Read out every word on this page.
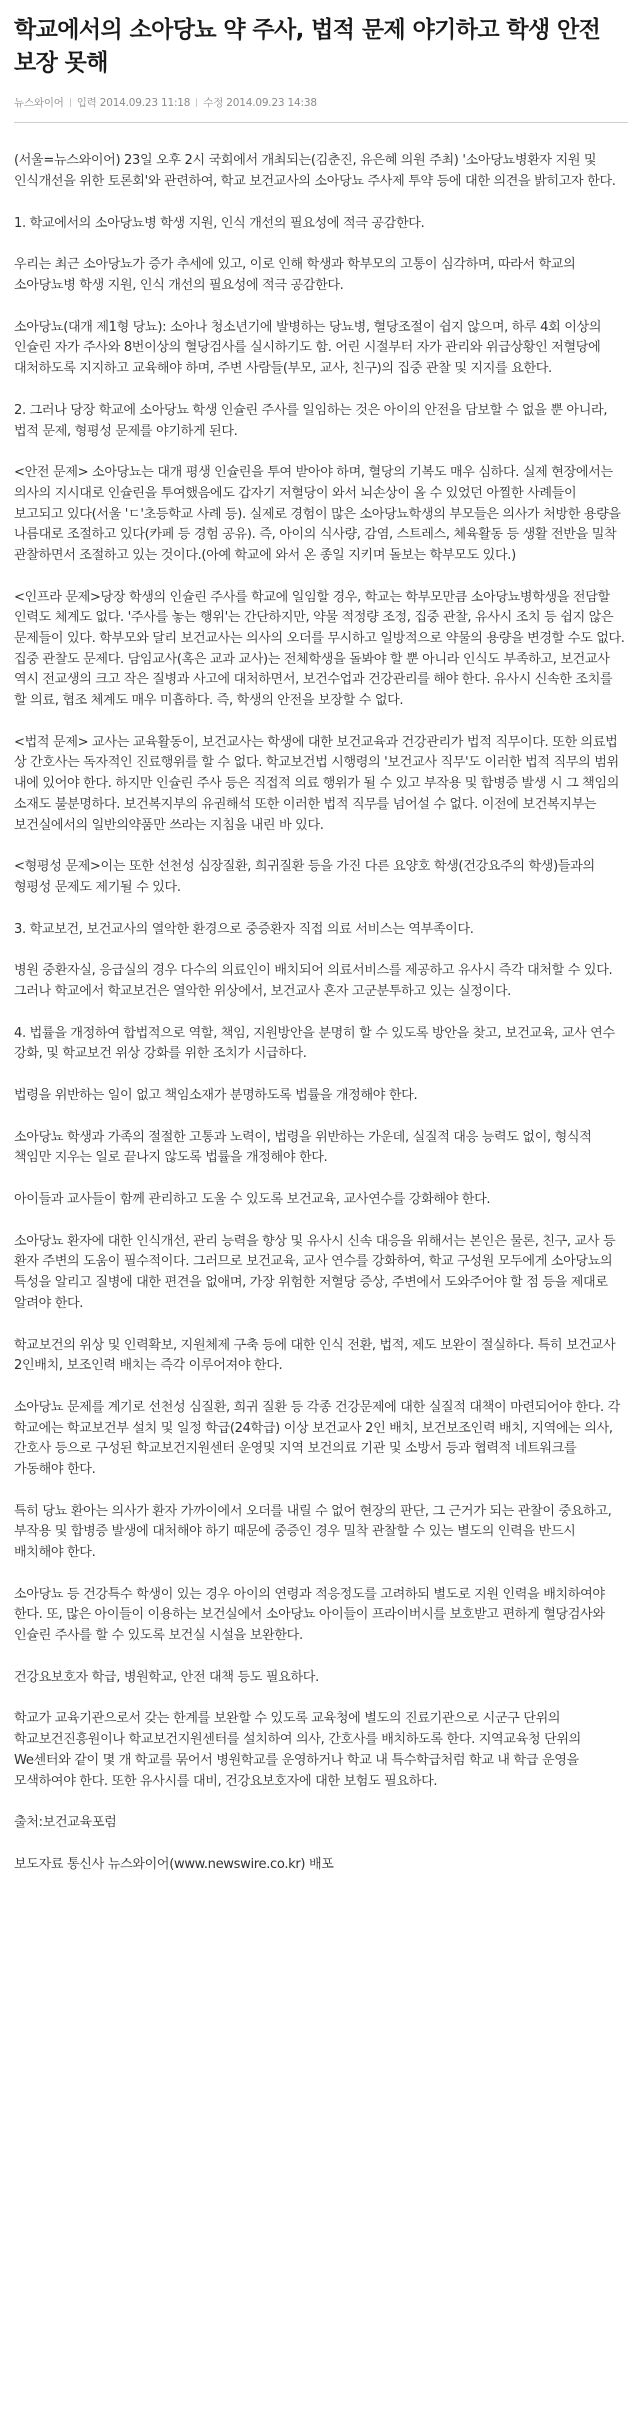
학교에서의 소아당뇨 약 주사, 법적 문제 야기하고 학생 안전 보장 못해
뉴스와이어 입력 2014.09.23 11:18 수정 2014.09.23 14:38

(서울=뉴스와이어) 23일 오후 2시 국회에서 개최되는(김춘진, 유은혜 의원 주최) '소아당뇨병환자 지원 및 인식개선을 위한 토론회'와 관련하여, 학교 보건교사의 소아당뇨 주사제 투약 등에 대한 의견을 밝히고자 한다.

1. 학교에서의 소아당뇨병 학생 지원, 인식 개선의 필요성에 적극 공감한다.

우리는 최근 소아당뇨가 증가 추세에 있고, 이로 인해 학생과 학부모의 고통이 심각하며, 따라서 학교의 소아당뇨병 학생 지원, 인식 개선의 필요성에 적극 공감한다.

소아당뇨(대개 제1형 당뇨): 소아나 청소년기에 발병하는 당뇨병, 혈당조절이 쉽지 않으며, 하루 4회 이상의 인슐린 자가 주사와 8번이상의 혈당검사를 실시하기도 함. 어린 시절부터 자가 관리와 위급상황인 저혈당에 대처하도록 지지하고 교육해야 하며, 주변 사람들(부모, 교사, 친구)의 집중 관찰 및 지지를 요한다.

2. 그러나 당장 학교에 소아당뇨 학생 인슐린 주사를 일임하는 것은 아이의 안전을 담보할 수 없을 뿐 아니라, 법적 문제, 형평성 문제를 야기하게 된다.

<안전 문제> 소아당뇨는 대개 평생 인슐린을 투여 받아야 하며, 혈당의 기복도 매우 심하다. 실제 현장에서는 의사의 지시대로 인슐린을 투여했음에도 갑자기 저혈당이 와서 뇌손상이 올 수 있었던 아찔한 사례들이 보고되고 있다(서울 'ㄷ'초등학교 사례 등). 실제로 경험이 많은 소아당뇨학생의 부모들은 의사가 처방한 용량을 나름대로 조절하고 있다(카페 등 경험 공유). 즉, 아이의 식사량, 감염, 스트레스, 체육활동 등 생활 전반을 밀착 관찰하면서 조절하고 있는 것이다.(아예 학교에 와서 온 종일 지키며 돌보는 학부모도 있다.)

<인프라 문제>당장 학생의 인슐린 주사를 학교에 일임할 경우, 학교는 학부모만큼 소아당뇨병학생을 전담할 인력도 체계도 없다. '주사를 놓는 행위'는 간단하지만, 약물 적정량 조정, 집중 관찰, 유사시 조치 등 쉽지 않은 문제들이 있다. 학부모와 달리 보건교사는 의사의 오더를 무시하고 일방적으로 약물의 용량을 변경할 수도 없다. 집중 관찰도 문제다. 담임교사(혹은 교과 교사)는 전체학생을 돌봐야 할 뿐 아니라 인식도 부족하고, 보건교사 역시 전교생의 크고 작은 질병과 사고에 대처하면서, 보건수업과 건강관리를 해야 한다. 유사시 신속한 조치를 할 의료, 협조 체계도 매우 미흡하다. 즉, 학생의 안전을 보장할 수 없다.

<법적 문제> 교사는 교육활동이, 보건교사는 학생에 대한 보건교육과 건강관리가 법적 직무이다. 또한 의료법 상 간호사는 독자적인 진료행위를 할 수 없다. 학교보건법 시행령의 '보건교사 직무'도 이러한 법적 직무의 범위 내에 있어야 한다. 하지만 인슐린 주사 등은 직접적 의료 행위가 될 수 있고 부작용 및 합병증 발생 시 그 책임의 소재도 불분명하다. 보건복지부의 유권해석 또한 이러한 법적 직무를 넘어설 수 없다. 이전에 보건복지부는 보건실에서의 일반의약품만 쓰라는 지침을 내린 바 있다.

<형평성 문제>이는 또한 선천성 심장질환, 희귀질환 등을 가진 다른 요양호 학생(건강요주의 학생)들과의 형평성 문제도 제기될 수 있다.

3. 학교보건, 보건교사의 열악한 환경으로 중증환자 직접 의료 서비스는 역부족이다.

병원 중환자실, 응급실의 경우 다수의 의료인이 배치되어 의료서비스를 제공하고 유사시 즉각 대처할 수 있다. 그러나 학교에서 학교보건은 열악한 위상에서, 보건교사 혼자 고군분투하고 있는 실정이다.

4. 법률을 개정하여 합법적으로 역할, 책임, 지원방안을 분명히 할 수 있도록 방안을 찾고, 보건교육, 교사 연수 강화, 및 학교보건 위상 강화를 위한 조치가 시급하다.

법령을 위반하는 일이 없고 책임소재가 분명하도록 법률을 개정해야 한다.

소아당뇨 학생과 가족의 절절한 고통과 노력이, 법령을 위반하는 가운데, 실질적 대응 능력도 없이, 형식적 책임만 지우는 일로 끝나지 않도록 법률을 개정해야 한다.

아이들과 교사들이 함께 관리하고 도울 수 있도록 보건교육, 교사연수를 강화해야 한다.

소아당뇨 환자에 대한 인식개선, 관리 능력을 향상 및 유사시 신속 대응을 위해서는 본인은 물론, 친구, 교사 등 환자 주변의 도움이 필수적이다. 그러므로 보건교육, 교사 연수를 강화하여, 학교 구성원 모두에게 소아당뇨의 특성을 알리고 질병에 대한 편견을 없애며, 가장 위험한 저혈당 증상, 주변에서 도와주어야 할 점 등을 제대로 알려야 한다.

학교보건의 위상 및 인력확보, 지원체제 구축 등에 대한 인식 전환, 법적, 제도 보완이 절실하다. 특히 보건교사 2인배치, 보조인력 배치는 즉각 이루어져야 한다.

소아당뇨 문제를 계기로 선천성 심질환, 희귀 질환 등 각종 건강문제에 대한 실질적 대책이 마련되어야 한다. 각 학교에는 학교보건부 설치 및 일정 학급(24학급) 이상 보건교사 2인 배치, 보건보조인력 배치, 지역에는 의사, 간호사 등으로 구성된 학교보건지원센터 운영및 지역 보건의료 기관 및 소방서 등과 협력적 네트워크를 가동해야 한다.

특히 당뇨 환아는 의사가 환자 가까이에서 오더를 내릴 수 없어 현장의 판단, 그 근거가 되는 관찰이 중요하고, 부작용 및 합병증 발생에 대처해야 하기 때문에 중증인 경우 밀착 관찰할 수 있는 별도의 인력을 반드시 배치해야 한다.

소아당뇨 등 건강특수 학생이 있는 경우 아이의 연령과 적응정도를 고려하되 별도로 지원 인력을 배치하여야 한다. 또, 많은 아이들이 이용하는 보건실에서 소아당뇨 아이들이 프라이버시를 보호받고 편하게 혈당검사와 인슐린 주사를 할 수 있도록 보건실 시설을 보완한다.

건강요보호자 학급, 병원학교, 안전 대책 등도 필요하다.

학교가 교육기관으로서 갖는 한계를 보완할 수 있도록 교육청에 별도의 진료기관으로 시군구 단위의 학교보건진흥원이나 학교보건지원센터를 설치하여 의사, 간호사를 배치하도록 한다. 지역교육청 단위의 We센터와 같이 몇 개 학교를 묶어서 병원학교를 운영하거나 학교 내 특수학급처럼 학교 내 학급 운영을 모색하여야 한다. 또한 유사시를 대비, 건강요보호자에 대한 보험도 필요하다.

출처:보건교육포럼

보도자료 통신사 뉴스와이어(www.newswire.co.kr) 배포
